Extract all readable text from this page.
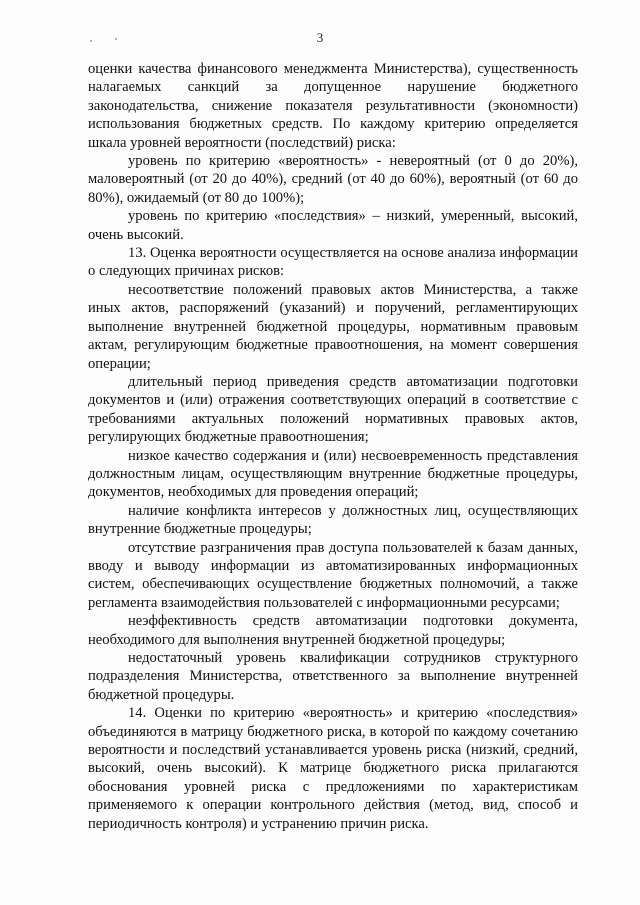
3

оценки качества финансового менеджмента Министерства), существенность налагаемых санкций за допущенное нарушение бюджетного законодательства, снижение показателя результативности (экономности) использования бюджетных средств. По каждому критерию определяется шкала уровней вероятности (последствий) риска:

уровень по критерию «вероятность» - невероятный (от 0 до 20%), маловероятный (от 20 до 40%), средний (от 40 до 60%), вероятный (от 60 до 80%), ожидаемый (от 80 до 100%);

уровень по критерию «последствия» – низкий, умеренный, высокий, очень высокий.

13. Оценка вероятности осуществляется на основе анализа информации о следующих причинах рисков:

несоответствие положений правовых актов Министерства, а также иных актов, распоряжений (указаний) и поручений, регламентирующих выполнение внутренней бюджетной процедуры, нормативным правовым актам, регулирующим бюджетные правоотношения, на момент совершения операции;

длительный период приведения средств автоматизации подготовки документов и (или) отражения соответствующих операций в соответствие с требованиями актуальных положений нормативных правовых актов, регулирующих бюджетные правоотношения;

низкое качество содержания и (или) несвоевременность представления должностным лицам, осуществляющим внутренние бюджетные процедуры, документов, необходимых для проведения операций;

наличие конфликта интересов у должностных лиц, осуществляющих внутренние бюджетные процедуры;

отсутствие разграничения прав доступа пользователей к базам данных, вводу и выводу информации из автоматизированных информационных систем, обеспечивающих осуществление бюджетных полномочий, а также регламента взаимодействия пользователей с информационными ресурсами;

неэффективность средств автоматизации подготовки документа, необходимого для выполнения внутренней бюджетной процедуры;

недостаточный уровень квалификации сотрудников структурного подразделения Министерства, ответственного за выполнение внутренней бюджетной процедуры.

14. Оценки по критерию «вероятность» и критерию «последствия» объединяются в матрицу бюджетного риска, в которой по каждому сочетанию вероятности и последствий устанавливается уровень риска (низкий, средний, высокий, очень высокий). К матрице бюджетного риска прилагаются обоснования уровней риска с предложениями по характеристикам применяемого к операции контрольного действия (метод, вид, способ и периодичность контроля) и устранению причин риска.
